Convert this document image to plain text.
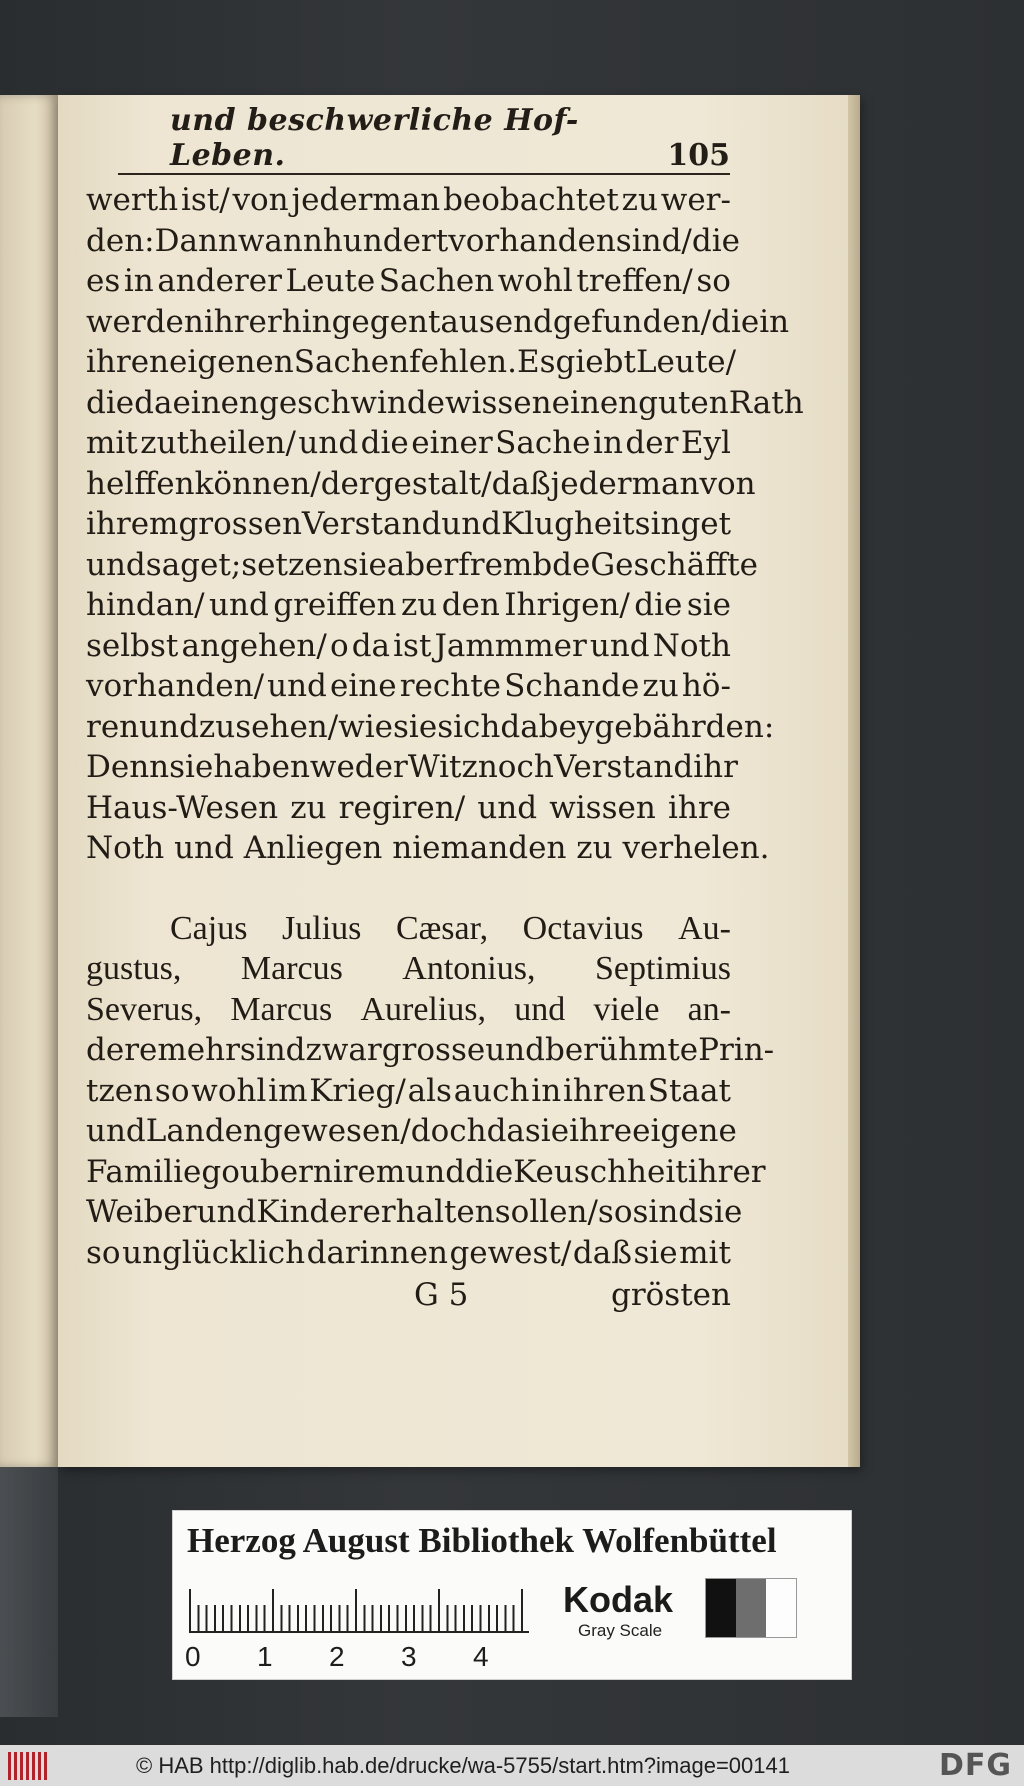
und beschwerliche Hof-Leben.	105
werth ist/ von jederman beobachtet zu wer-
den: Dann wann hundert vorhanden sind/ die
es in anderer Leute Sachen wohl treffen/ so
werden ihrer hingegen tausend gefunden/ die in
ihren eigenen Sachen fehlen. Es giebt Leute/
die da einen geschwinde wissen einen guten Rath
mit zutheilen/ und die einer Sache in der Eyl
helffen können/ dergestalt/ daß jederman von
ihrem grossen Verstand und Klugheit singet
und saget; setzen sie aber frembde Geschäffte
hindan/ und greiffen zu den Ihrigen/ die sie
selbst angehen/ o da ist Jammmer und Noth
vorhanden/ und eine rechte Schande zu hö-
ren und zu sehen/ wie sie sich dabey gebährden:
Denn sie haben weder Witz noch Verstand ihr
Haus-Wesen zu regiren/ und wissen ihre
Noth und Anliegen niemanden zu verhelen.
Cajus Julius Cæsar, Octavius Au-
gustus, Marcus Antonius, Septimius
Severus, Marcus Aurelius, und viele an-
dere mehr sind zwar grosse und berühmte Prin-
tzen so wohl im Krieg/ als auch in ihren Staat
und Landen gewesen/ doch da sie ihre eigene
Familie goubernirem und die Keuschheit ihrer
Weiber und Kinder erhalten sollen/ so sind sie
so unglücklich darinnen gewest/ daß sie mit
G 5	grösten
Herzog August Bibliothek Wolfenbüttel
0	1	2	3	4
Kodak
Gray Scale
© HAB http://diglib.hab.de/drucke/wa-5755/start.htm?image=00141	DFG
